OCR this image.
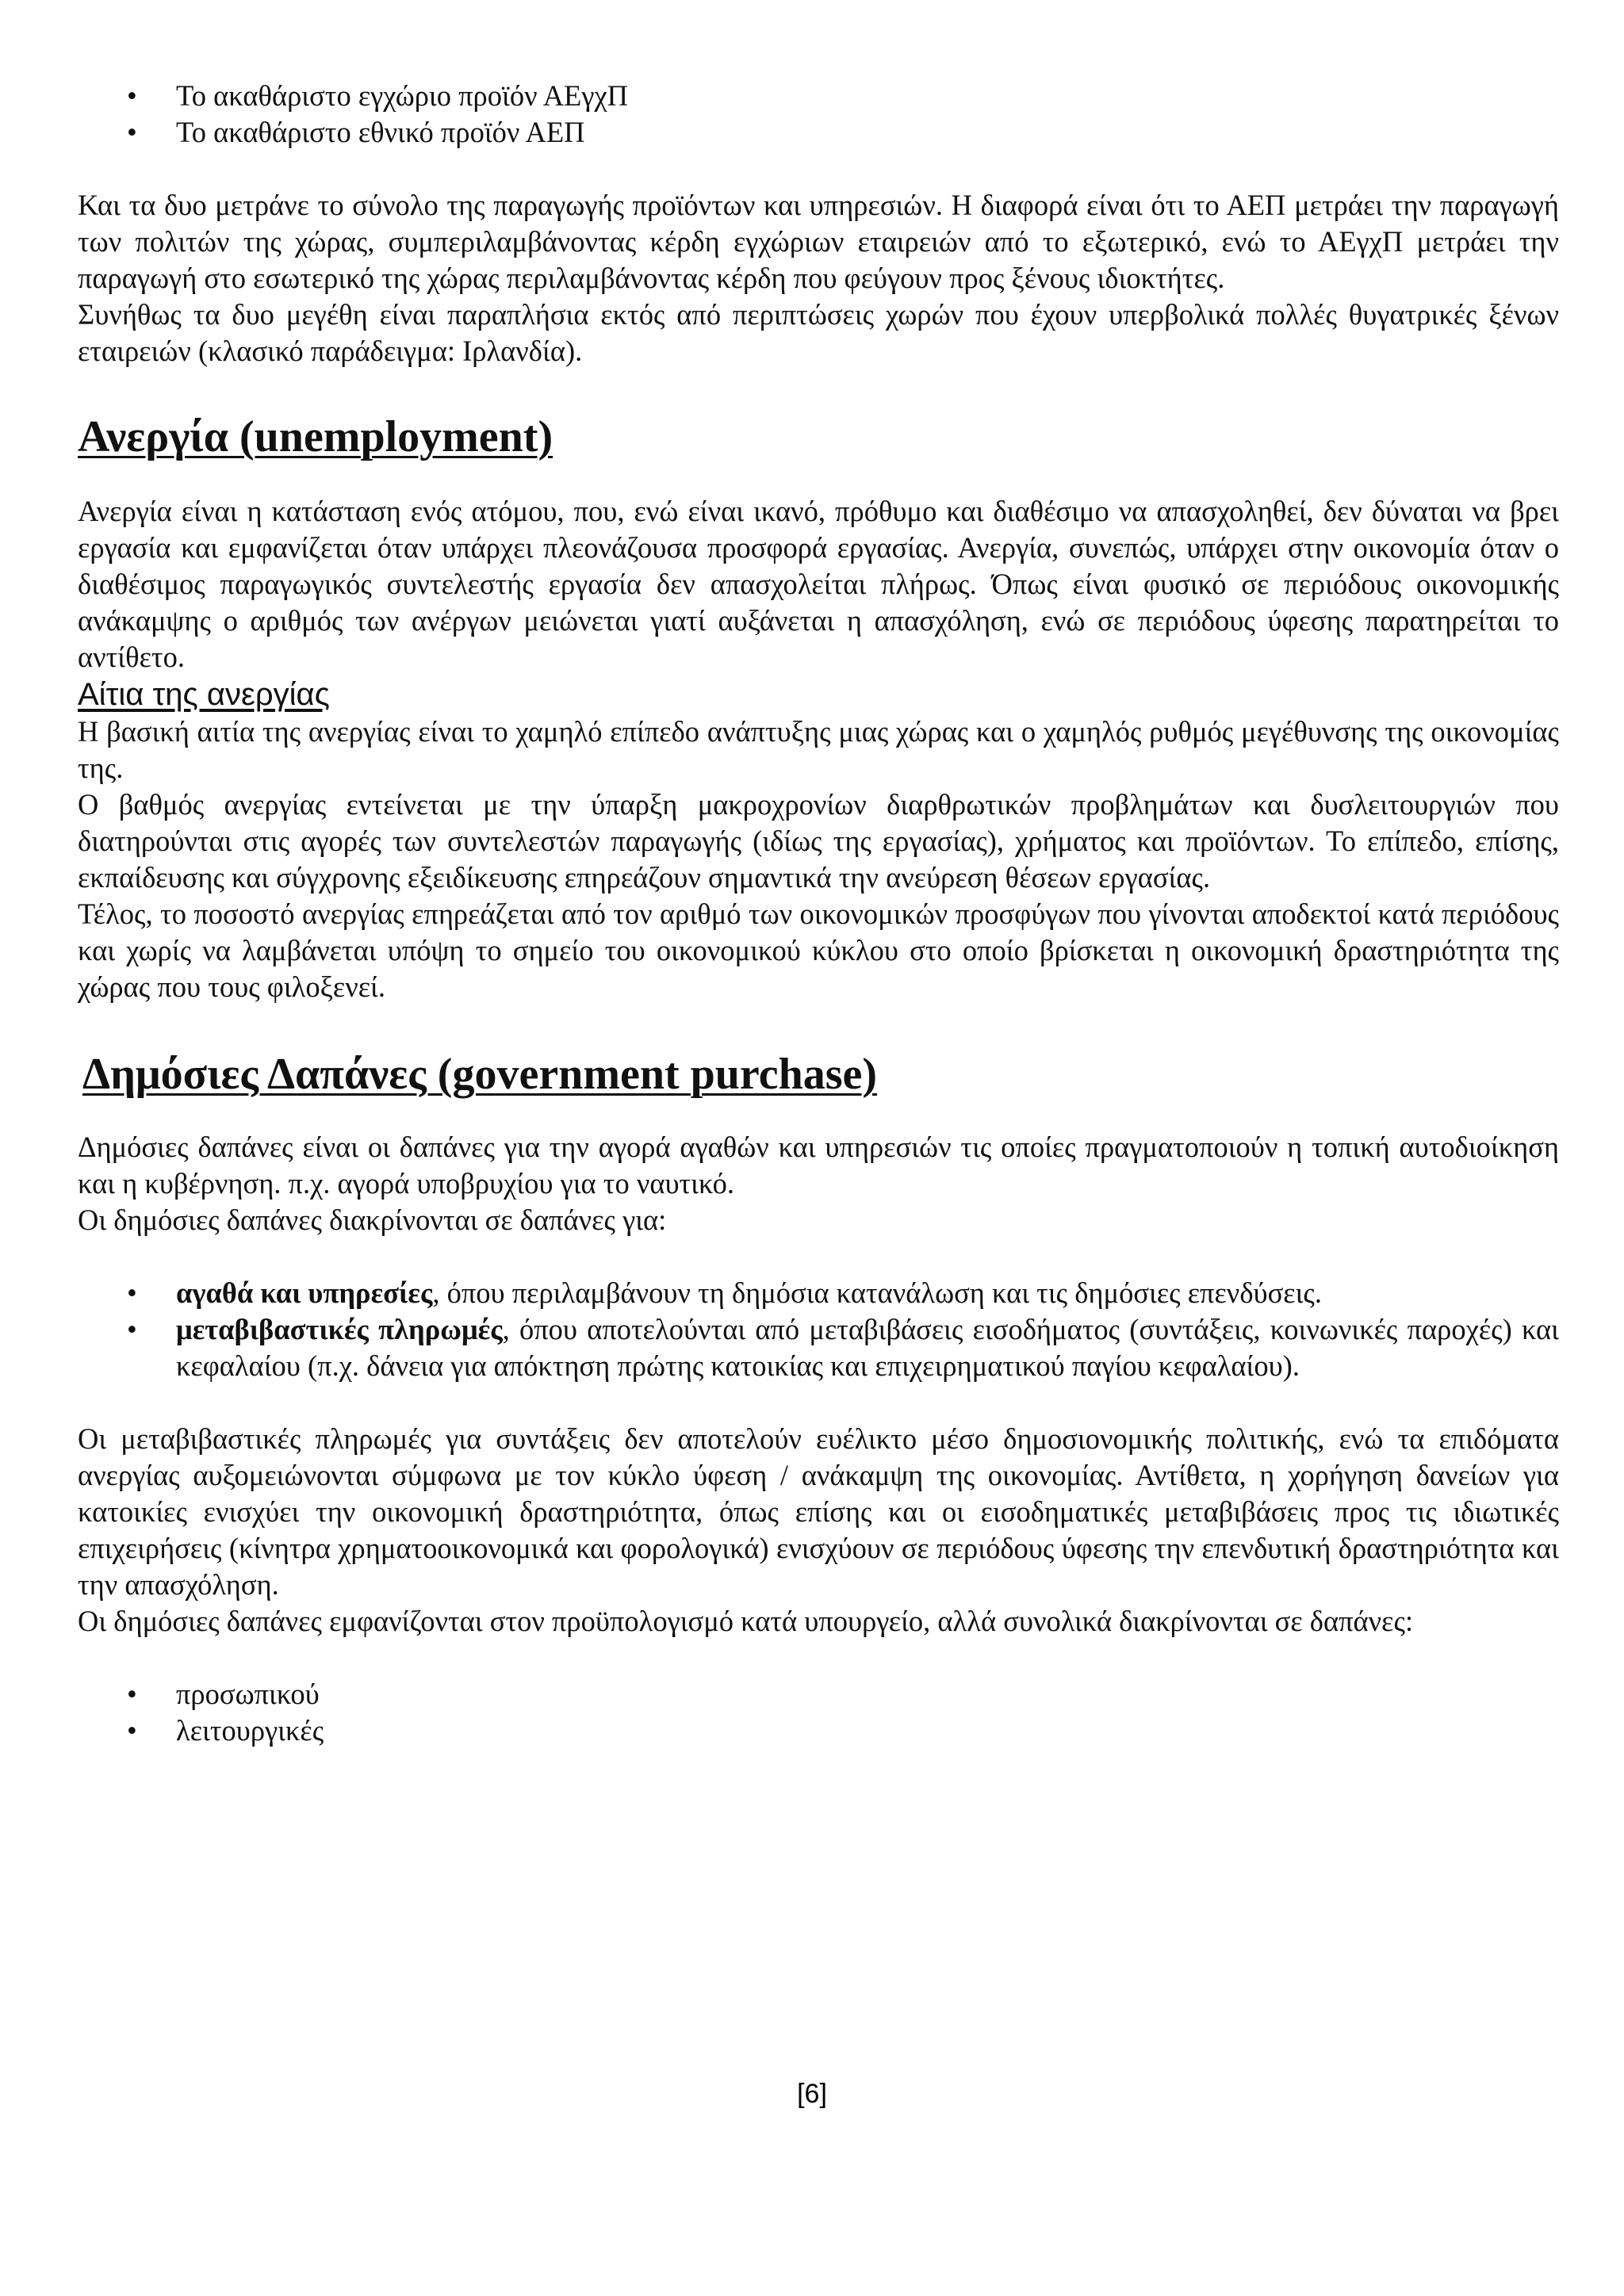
• Το ακαθάριστο εγχώριο προϊόν ΑΕγχΠ
• Το ακαθάριστο εθνικό προϊόν ΑΕΠ

Και τα δυο μετράνε το σύνολο της παραγωγής προϊόντων και υπηρεσιών. Η διαφορά είναι ότι το ΑΕΠ μετράει την παραγωγή των πολιτών της χώρας, συμπεριλαμβάνοντας κέρδη εγχώριων εταιρειών από το εξωτερικό, ενώ το ΑΕγχΠ μετράει την παραγωγή στο εσωτερικό της χώρας περιλαμβάνοντας κέρδη που φεύγουν προς ξένους ιδιοκτήτες.

Συνήθως τα δυο μεγέθη είναι παραπλήσια εκτός από περιπτώσεις χωρών που έχουν υπερβολικά πολλές θυγατρικές ξένων εταιρειών (κλασικό παράδειγμα: Ιρλανδία).

Ανεργία (unemployment)

Ανεργία είναι η κατάσταση ενός ατόμου, που, ενώ είναι ικανό, πρόθυμο και διαθέσιμο να απασχοληθεί, δεν δύναται να βρει εργασία και εμφανίζεται όταν υπάρχει πλεονάζουσα προσφορά εργασίας. Ανεργία, συνεπώς, υπάρχει στην οικονομία όταν ο διαθέσιμος παραγωγικός συντελεστής εργασία δεν απασχολείται πλήρως. Όπως είναι φυσικό σε περιόδους οικονομικής ανάκαμψης ο αριθμός των ανέργων μειώνεται γιατί αυξάνεται η απασχόληση, ενώ σε περιόδους ύφεσης παρατηρείται το αντίθετο.

Αίτια της ανεργίας

Η βασική αιτία της ανεργίας είναι το χαμηλό επίπεδο ανάπτυξης μιας χώρας και ο χαμηλός ρυθμός μεγέθυνσης της οικονομίας της.

Ο βαθμός ανεργίας εντείνεται με την ύπαρξη μακροχρονίων διαρθρωτικών προβλημάτων και δυσλειτουργιών που διατηρούνται στις αγορές των συντελεστών παραγωγής (ιδίως της εργασίας), χρήματος και προϊόντων. Το επίπεδο, επίσης, εκπαίδευσης και σύγχρονης εξειδίκευσης επηρεάζουν σημαντικά την ανεύρεση θέσεων εργασίας.

Τέλος, το ποσοστό ανεργίας επηρεάζεται από τον αριθμό των οικονομικών προσφύγων που γίνονται αποδεκτοί κατά περιόδους και χωρίς να λαμβάνεται υπόψη το σημείο του οικονομικού κύκλου στο οποίο βρίσκεται η οικονομική δραστηριότητα της χώρας που τους φιλοξενεί.

Δημόσιες Δαπάνες (government purchase)

Δημόσιες δαπάνες είναι οι δαπάνες για την αγορά αγαθών και υπηρεσιών τις οποίες πραγματοποιούν η τοπική αυτοδιοίκηση και η κυβέρνηση. π.χ. αγορά υποβρυχίου για το ναυτικό.

Οι δημόσιες δαπάνες διακρίνονται σε δαπάνες για:

• αγαθά και υπηρεσίες, όπου περιλαμβάνουν τη δημόσια κατανάλωση και τις δημόσιες επενδύσεις.
• μεταβιβαστικές πληρωμές, όπου αποτελούνται από μεταβιβάσεις εισοδήματος (συντάξεις, κοινωνικές παροχές) και κεφαλαίου (π.χ. δάνεια για απόκτηση πρώτης κατοικίας και επιχειρηματικού παγίου κεφαλαίου).

Οι μεταβιβαστικές πληρωμές για συντάξεις δεν αποτελούν ευέλικτο μέσο δημοσιονομικής πολιτικής, ενώ τα επιδόματα ανεργίας αυξομειώνονται σύμφωνα με τον κύκλο ύφεση / ανάκαμψη της οικονομίας. Αντίθετα, η χορήγηση δανείων για κατοικίες ενισχύει την οικονομική δραστηριότητα, όπως επίσης και οι εισοδηματικές μεταβιβάσεις προς τις ιδιωτικές επιχειρήσεις (κίνητρα χρηματοοικονομικά και φορολογικά) ενισχύουν σε περιόδους ύφεσης την επενδυτική δραστηριότητα και την απασχόληση.

Οι δημόσιες δαπάνες εμφανίζονται στον προϋπολογισμό κατά υπουργείο, αλλά συνολικά διακρίνονται σε δαπάνες:

• προσωπικού
• λειτουργικές
[6]
